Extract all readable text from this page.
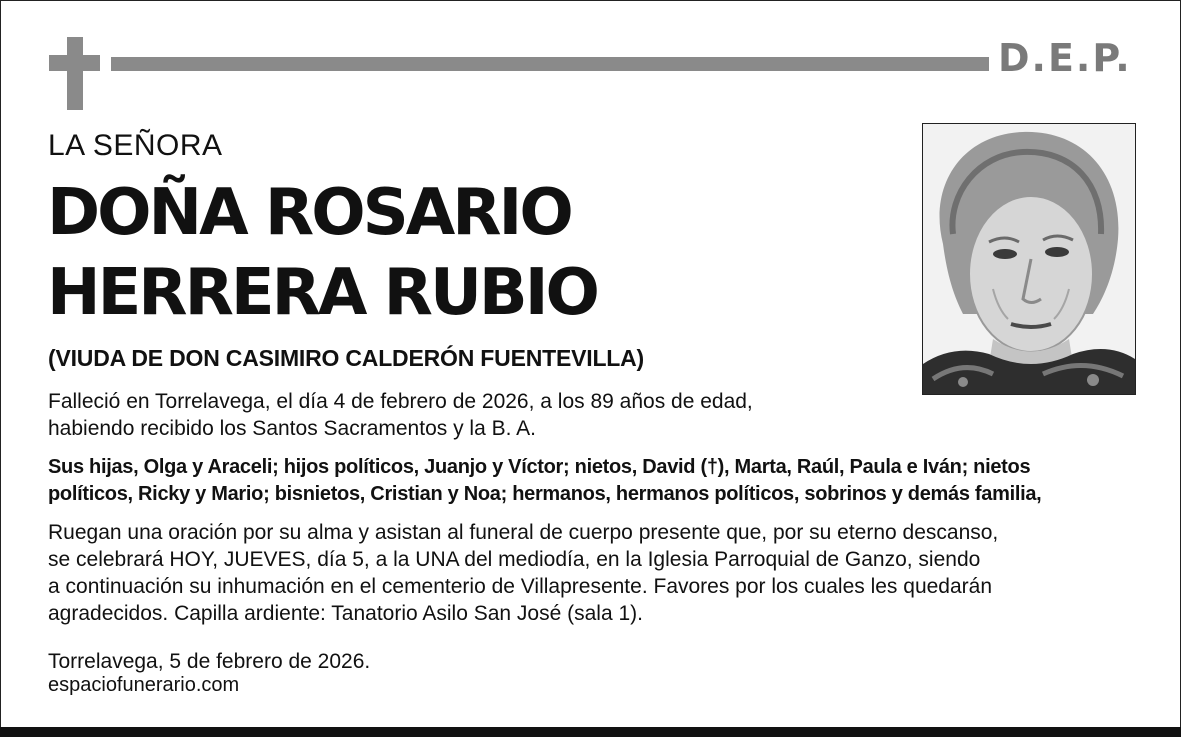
D.E.P.
LA SEÑORA
DOÑA ROSARIO
HERRERA RUBIO
(VIUDA DE DON CASIMIRO CALDERÓN FUENTEVILLA)
Falleció en Torrelavega, el día 4 de febrero de 2026, a los 89 años de edad,
habiendo recibido los Santos Sacramentos y la B. A.
Sus hijas, Olga y Araceli; hijos políticos, Juanjo y Víctor; nietos, David (†), Marta, Raúl, Paula e Iván; nietos
políticos, Ricky y Mario; bisnietos, Cristian y Noa; hermanos, hermanos políticos, sobrinos y demás familia,
Ruegan una oración por su alma y asistan al funeral de cuerpo presente que, por su eterno descanso,
se celebrará HOY, JUEVES, día 5, a la UNA del mediodía, en la Iglesia Parroquial de Ganzo, siendo
a continuación su inhumación en el cementerio de Villapresente. Favores por los cuales les quedarán
agradecidos. Capilla ardiente: Tanatorio Asilo San José (sala 1).
Torrelavega, 5 de febrero de 2026.
espaciofunerario.com
